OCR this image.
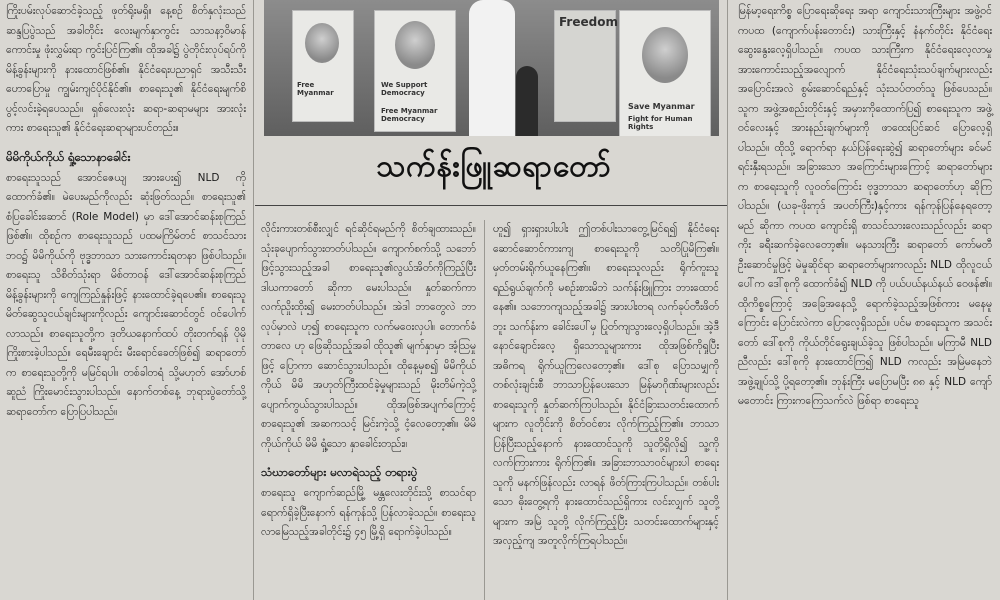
ကြိုးပမ်းလုပ်ဆောင်ခဲ့သည့် ဖုတ်ရိုးမရှိ။ နေ့စဉ် စိတ်နှလုံးသည် ဆန္ဒပြပွဲသည် အခါတိုင်း လေးမျက်နှာကွင်း သာသနာ့ဝိမာန် ကောင်းမှု ဖုံးလွှမ်းရာ ကွင်းပြင်ကြ၏။ ထိုအခါ၌ ပွဲတိုင်းလုပ်ရပ်ကို မိန့်ခွန်းများကို နားထောင်ဖြစ်၏။ နိုင်ငံရေးပညာရှင် အသီးသီး ဟောပြောမှု ကျွမ်းကျင်ပိုင်နိုင်၏။ စာရေးသူ၏ နိုင်ငံရေးမျက်စိ ပွင့်လင်းခဲ့ရပေသည်။ ရှစ်လေးလုံး ဆရာ-ဆရာမများ အားလုံးကား စာရေးသူ၏ နိုင်ငံရေးဆရာများပင်တည်း။

မိမိကိုယ်ကိုယ် ရှုံ့သောနာခေါင်း

စာရေးသူသည် အောင်ဇေယျ အားပေး၍ NLD ကို ထောက်ခံ၏။ မဲပေးမည်ကိုလည်း ဆုံးဖြတ်သည်။ စာရေးသူ၏ စံပြခေါင်းဆောင် (Role Model) မှာ ဒေါ်အောင်ဆန်းစုကြည် ဖြစ်၏။ ထိုစဉ်က စာရေးသူသည် ပထမကြိမ်တင် စာသင်သားဘဝ၌ မိမိကိုယ်ကို ဗုဒ္ဓဘာသာ သားကောင်းရတနာ ဖြစ်ပါသည်။ စာရေးသူ သိစိတ်သုံးရာ မိစ်တာဝန် ဒေါ်အောင်ဆန်းစုကြည် မိန့်ခွန်းများကို ကျေကြည်နှုန်းဖြင့် နားထောင်ခဲ့ရပေ၏။ စာရေးသူ မိတ်ဆွေသူငယ်ချင်းများကိုလည်း ကျောင်းဆောင်တွင် ဝင်ပေါက်လာသည်။ စာရေးသူတို့က ဒုတိယနောက်ထပ် တိုးတက်ရန် ပိုမိုကြိုးစားခဲ့ပါသည်။ ရေမီးချောင်း မီးရောင်ခေတ်ဖြစ်၍ ဆရာတော်က စာရေးသူတို့ကို မမြင်ရပါ။ တစ်ခါတရံ သို့မဟုတ် အော်ဟစ်ဆူညံ ကြိုးမောင်းသွားပါသည်။ နောက်တစ်နေ့ ဘုရားပွဲတော်သို့ ဆရာတော်က ပြောပြပါသည်။

Free Myanmar
We Support Democracy
Free Myanmar Democracy
Freedom
Save Myanmar
Fight for Human Rights
သက်န်းဖြူဆရာတော်

လိုင်းကားတစ်စီးလျှင် ရင်ဆိုင်ရမည်ကို စိတ်ချထားသည်။ သုံးခုပျောက်သွားတတ်ပါသည်။ ကျောက်စက်သို့ သဘော်ဖြင့်သွားသည့်အခါ စာရေးသူ၏လွယ်အိတ်ကိုကြည့်ပြီး ဒါယကာတော် ဆိုကာ မေးပါသည်။ နှုတ်ဆက်ကာ လက်ညှိုးထိုး၍ မေးတတ်ပါသည်။ အဲဒါ ဘာတွေလဲ ဘာလုပ်မှာလဲ ဟု၍ စာရေးသူက လက်မဝေးလှပါ။ တောက်ခံတာလေ ဟု ဖြေဆိုသည့်အခါ ထိုသူ၏ မျက်နှာမှာ အံ့ဩမှုဖြင့် ပြောကာ ဆောင်သွားပါသည်။ ထိုနေ့မှစ၍ မိမိကိုယ်ကိုယ် မိမိ အဟုတ်ကြီးထင်ခဲ့မှုများသည် မိုးတိမ်ကဲ့သို့ ပျောက်ကွယ်သွားပါသည်။ ထိုအဖြစ်အပျက်ကြောင့် စာရေးသူ၏ အဆကသင့် မြင်းကဲ့သို့ ငံ့လေတော့၏။ မိမိကိုယ်ကိုယ် မိမိ ရှုံ့သော နှာခေါင်းတည်း။

သံဃာတော်များ မလာရဲသည့် တရားပွဲ

စာရေးသူ ကျောက်ဆည်မြို့ မန္တလေးတိုင်းသို့ စာသင်ရာ ရောက်ရှိခဲ့ပြီးနောက် ရန်ကုန်သို့ ပြန်လာခဲ့သည်။ စာရေးသူ လာမြေသည့်အခါတိုင်း၌ ၄၅ မြို့ရှိ ရောက်ခဲ့ပါသည်။

ဟူ၍ ရှားရှားပါးပါး ဤတစ်ပါးသာတွေ့မြင်ရ၍ နိုင်ငံရေးဆောင်ဆောင်ကားကျ စာရေးသူကို သတိပြုမိကြ၏။ မှတ်တမ်းရိုက်ယူနေကြ၏။ စာရေးသူလည်း ရိုက်ကူးသူရည်ရွယ်ချက်ကို မစဉ်းစားမိဘဲ သက်န်းဖြူကြား ဘားထောင်နေ၏။ သဘောကျသည့်အခါ၌ အားပါးတရ လက်ခုပ်တီးဖိတ်ဘူး သက်န်းက ခေါင်းပေါ်မှ ပြုတ်ကျသွားလေ့ရှိပါသည်။ အဲ့ဒီနောင်ချောင်းလေ့ ရှိသောသူများကား ထိုအဖြစ်ကိုရှုပြီး အဓိကရ ရိုက်ယူကြလေတော့၏။ ဒေါ်စု ပြောသမျှကို တစ်လုံးချင်းစီ ဘာသာပြန်ပေးသော မြန်မာဂိုဏ်းများလည်း စာရေးသူကို နှုတ်ဆက်ကြပါသည်။ နိုင်ငံခြားသတင်းထောက်များက လူတိုင်းကို စိတ်ဝင်စား လိုက်ကြည့်ကြ၏။ ဘာသာပြန်ပြီးသည့်နောက် နားထောင်သူကို သူတို့ရှိလို၍ သူ့ကို လက်ကြားကား ရိုက်ကြ၏။ အခြားဘာသာဝင်များပါ စာရေးသူကို မနက်ဖြန်လည်း လာရန် ဖိတ်ကြားကြပါသည်။ တစ်ပါးသော ဓိုးတွေ့ရကို နားထောင်သည်ရှိကား လင်းလျှက် သူတို့များက အမြဲ သူတို့ လိုက်ကြည့်ပြီး သတင်းထောက်များနှင့် အလှည့်ကျ အတူလိုက်ကြရပါသည်။

မြန်မာ့ရေးကိစ္စ ပြောရေးဆိုရေး အရာ ကျောင်းသားကြီးများ အဖွဲ့ဝင် ကပထ (ကျောက်ပန်းတောင်း) သားကြီးနှင့် နံနက်တိုင်း နိုင်ငံရေး ဆွေးနွေးလေ့ရှိပါသည်။ ကပထ သားကြီးက နိုင်ငံရေးလေ့လာမှု အားကောင်းသည့်အလျောက် နိုင်ငံရေးသုံးသပ်ချက်များလည်း အပြောင်းအလဲ စွမ်းဆောင်ရည်နှင့် သုံးသပ်တတ်သူ ဖြစ်ပေသည်။ သူက အဖွဲ့အစည်းတိုင်းနှင့် အမှားကိုထောက်ပြ၍ စာရေးသူက အဖွဲ့ဝင်လေးနှင့် အားနည်းချက်များကို ဖာထေးပြင်ဆင် ပြောလေ့ရှိပါသည်။ ထိုသို့ ရောက်ရာ နယ်ပြန်ရေးဆွဲ၍ ဆရာတော်များ ခင်မင်ရင်းနှီးရသည်။ အခြားသော အကြောင်းများကြောင့် ဆရာတော်များက စာရေးသူကို လူ၀တ်ကြောင်း ဗုဒ္ဓဘာသာ ဆရာတော်ဟု ဆိုကြပါသည်။ (ယခု-ဖိုးကုဒ် အပတ်ကြီး)နှင့်ကား ရန်ကုန်ပြန်နေရတော့မည် ဆိုကာ ကပထ ကျောင်းရှိ စာသင်သားလေးသည်လည်း ဆရာကိုး ခရီးဆက်ခဲ့လေတော့၏။ မနသားကြီး ဆရာတော် ကော်မတီ ဦးဆောင်မှုဖြင့် မဲမှုဆိုင်ရာ ဆရာတော်များကလည်း NLD ထိုလူငယ်ပေါ်က ဒေါ်စုကို ထောက်ခံ၍ NLD ကို ပယ်ပယ်နယ်နယ် ဝေဖန်၏။ ထိုကိစ္စကြောင့် အခြေအနေသို့ ရောက်ခဲ့သည့်အဖြစ်ကား မနေမူကြောင်း ပြောင်းလဲကာ ပြောလေ့ရှိသည်။ ပင်မ စာရေးသူက အသင်းတော် ဒေါ်စုကို ကိုယ်တိုင်ရွေးချယ်ခဲ့သူ ဖြစ်ပါသည်။ မကြာမီ NLD ညီလည်း ဒေါ်စုကို နားထောင်ကြ၍ NLD ကလည်း အမြဲမနေဘဲ အဖွဲ့ချုပ်သို့ ပို့ရတော့၏။ ဘုန်းကြီး မပြောမပြီး ၈၈ နှင့် NLD ကျော်မတောင်း ကြားကကြေသက်လဲ ဖြစ်ရာ စာရေးသူ
